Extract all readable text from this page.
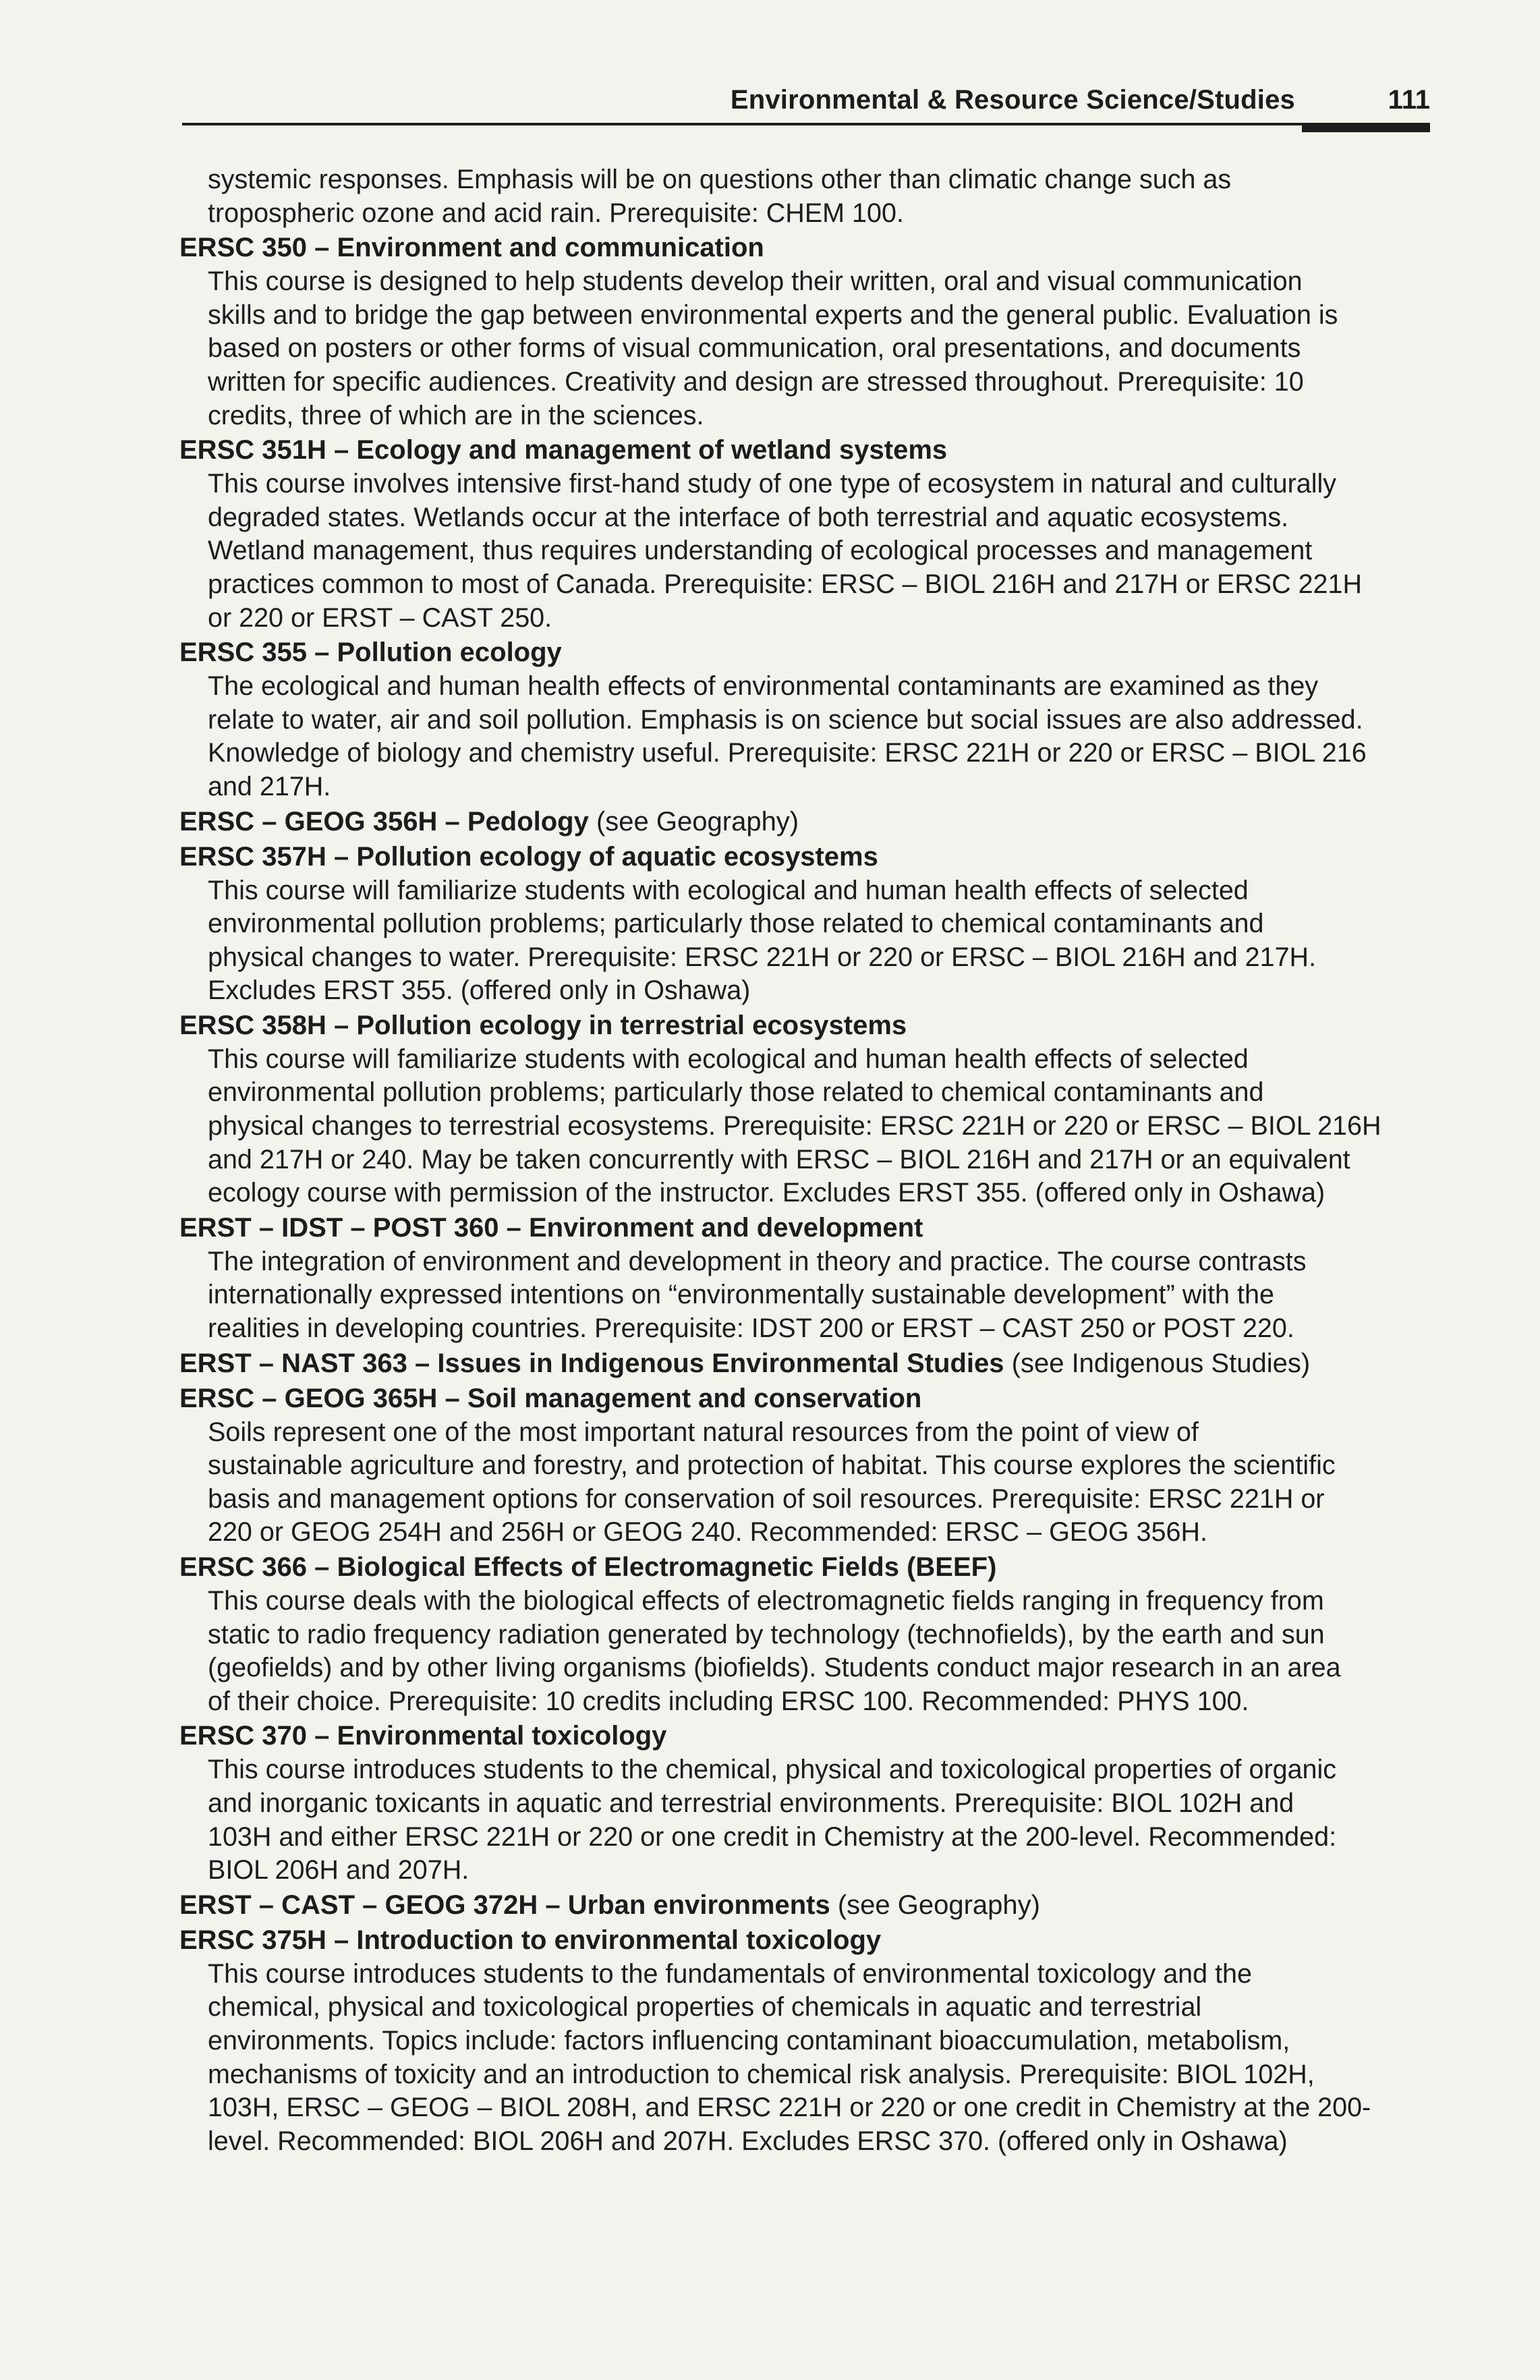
Environmental & Resource Science/Studies	111

systemic responses. Emphasis will be on questions other than climatic change such as
tropospheric ozone and acid rain. Prerequisite: CHEM 100.

ERSC 350 – Environment and communication

This course is designed to help students develop their written, oral and visual communication
skills and to bridge the gap between environmental experts and the general public. Evaluation is
based on posters or other forms of visual communication, oral presentations, and documents
written for specific audiences. Creativity and design are stressed throughout. Prerequisite: 10
credits, three of which are in the sciences.

ERSC 351H – Ecology and management of wetland systems

This course involves intensive first-hand study of one type of ecosystem in natural and culturally
degraded states. Wetlands occur at the interface of both terrestrial and aquatic ecosystems.
Wetland management, thus requires understanding of ecological processes and management
practices common to most of Canada. Prerequisite: ERSC – BIOL 216H and 217H or ERSC 221H
or 220 or ERST – CAST 250.

ERSC 355 – Pollution ecology

The ecological and human health effects of environmental contaminants are examined as they
relate to water, air and soil pollution. Emphasis is on science but social issues are also addressed.
Knowledge of biology and chemistry useful. Prerequisite: ERSC 221H or 220 or ERSC – BIOL 216
and 217H.

ERSC – GEOG 356H – Pedology (see Geography)

ERSC 357H – Pollution ecology of aquatic ecosystems

This course will familiarize students with ecological and human health effects of selected
environmental pollution problems; particularly those related to chemical contaminants and
physical changes to water. Prerequisite: ERSC 221H or 220 or ERSC – BIOL 216H and 217H.
Excludes ERST 355. (offered only in Oshawa)

ERSC 358H – Pollution ecology in terrestrial ecosystems

This course will familiarize students with ecological and human health effects of selected
environmental pollution problems; particularly those related to chemical contaminants and
physical changes to terrestrial ecosystems. Prerequisite: ERSC 221H or 220 or ERSC – BIOL 216H
and 217H or 240. May be taken concurrently with ERSC – BIOL 216H and 217H or an equivalent
ecology course with permission of the instructor. Excludes ERST 355. (offered only in Oshawa)

ERST – IDST – POST 360 – Environment and development

The integration of environment and development in theory and practice. The course contrasts
internationally expressed intentions on “environmentally sustainable development” with the
realities in developing countries. Prerequisite: IDST 200 or ERST – CAST 250 or POST 220.

ERST – NAST 363 – Issues in Indigenous Environmental Studies (see Indigenous Studies)

ERSC – GEOG 365H – Soil management and conservation

Soils represent one of the most important natural resources from the point of view of
sustainable agriculture and forestry, and protection of habitat. This course explores the scientific
basis and management options for conservation of soil resources. Prerequisite: ERSC 221H or
220 or GEOG 254H and 256H or GEOG 240. Recommended: ERSC – GEOG 356H.

ERSC 366 – Biological Effects of Electromagnetic Fields (BEEF)

This course deals with the biological effects of electromagnetic fields ranging in frequency from
static to radio frequency radiation generated by technology (technofields), by the earth and sun
(geofields) and by other living organisms (biofields). Students conduct major research in an area
of their choice. Prerequisite: 10 credits including ERSC 100. Recommended: PHYS 100.

ERSC 370 – Environmental toxicology

This course introduces students to the chemical, physical and toxicological properties of organic
and inorganic toxicants in aquatic and terrestrial environments. Prerequisite: BIOL 102H and
103H and either ERSC 221H or 220 or one credit in Chemistry at the 200-level. Recommended:
BIOL 206H and 207H.

ERST – CAST – GEOG 372H – Urban environments (see Geography)

ERSC 375H – Introduction to environmental toxicology

This course introduces students to the fundamentals of environmental toxicology and the
chemical, physical and toxicological properties of chemicals in aquatic and terrestrial
environments. Topics include: factors influencing contaminant bioaccumulation, metabolism,
mechanisms of toxicity and an introduction to chemical risk analysis. Prerequisite: BIOL 102H,
103H, ERSC – GEOG – BIOL 208H, and ERSC 221H or 220 or one credit in Chemistry at the 200-
level. Recommended: BIOL 206H and 207H. Excludes ERSC 370. (offered only in Oshawa)
